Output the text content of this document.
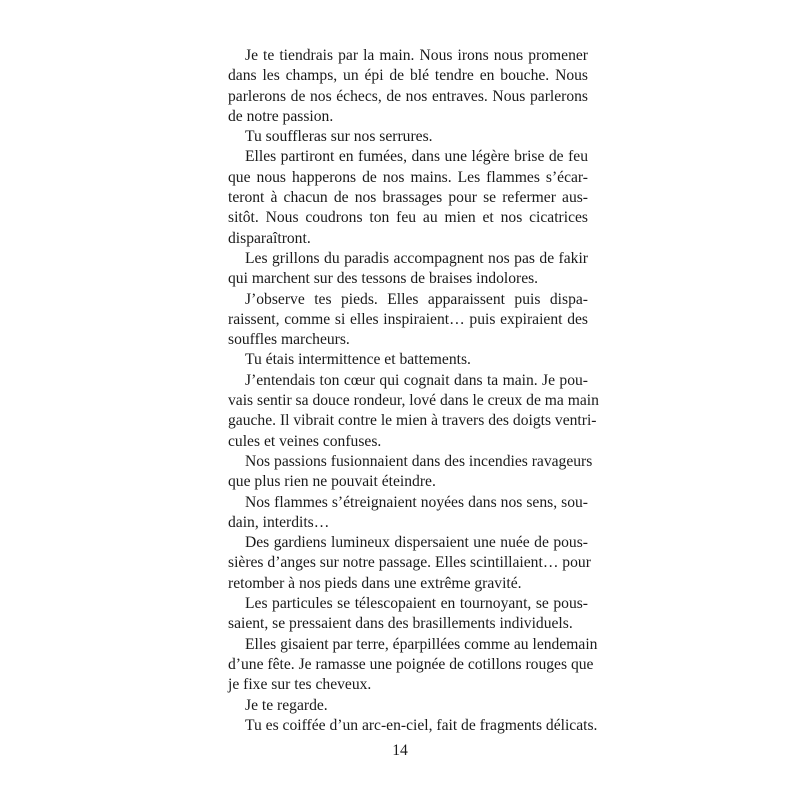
Je te tiendrais par la main. Nous irons nous promener
dans les champs, un épi de blé tendre en bouche. Nous
parlerons de nos échecs, de nos entraves. Nous parlerons
de notre passion.

Tu souffleras sur nos serrures.

Elles partiront en fumées, dans une légère brise de feu
que nous happerons de nos mains. Les flammes s’écar-
teront à chacun de nos brassages pour se refermer aus-
sitôt. Nous coudrons ton feu au mien et nos cicatrices
disparaîtront.

Les grillons du paradis accompagnent nos pas de fakir
qui marchent sur des tessons de braises indolores.

J’observe tes pieds. Elles apparaissent puis dispa-
raissent, comme si elles inspiraient… puis expiraient des
souffles marcheurs.

Tu étais intermittence et battements.

J’entendais ton cœur qui cognait dans ta main. Je pou-
vais sentir sa douce rondeur, lové dans le creux de ma main
gauche. Il vibrait contre le mien à travers des doigts ventri-
cules et veines confuses.

Nos passions fusionnaient dans des incendies ravageurs
que plus rien ne pouvait éteindre.

Nos flammes s’étreignaient noyées dans nos sens, sou-
dain, interdits…

Des gardiens lumineux dispersaient une nuée de pous-
sières d’anges sur notre passage. Elles scintillaient… pour
retomber à nos pieds dans une extrême gravité.

Les particules se télescopaient en tournoyant, se pous-
saient, se pressaient dans des brasillements individuels.

Elles gisaient par terre, éparpillées comme au lendemain
d’une fête. Je ramasse une poignée de cotillons rouges que
je fixe sur tes cheveux.

Je te regarde.

Tu es coiffée d’un arc-en-ciel, fait de fragments délicats.

14
